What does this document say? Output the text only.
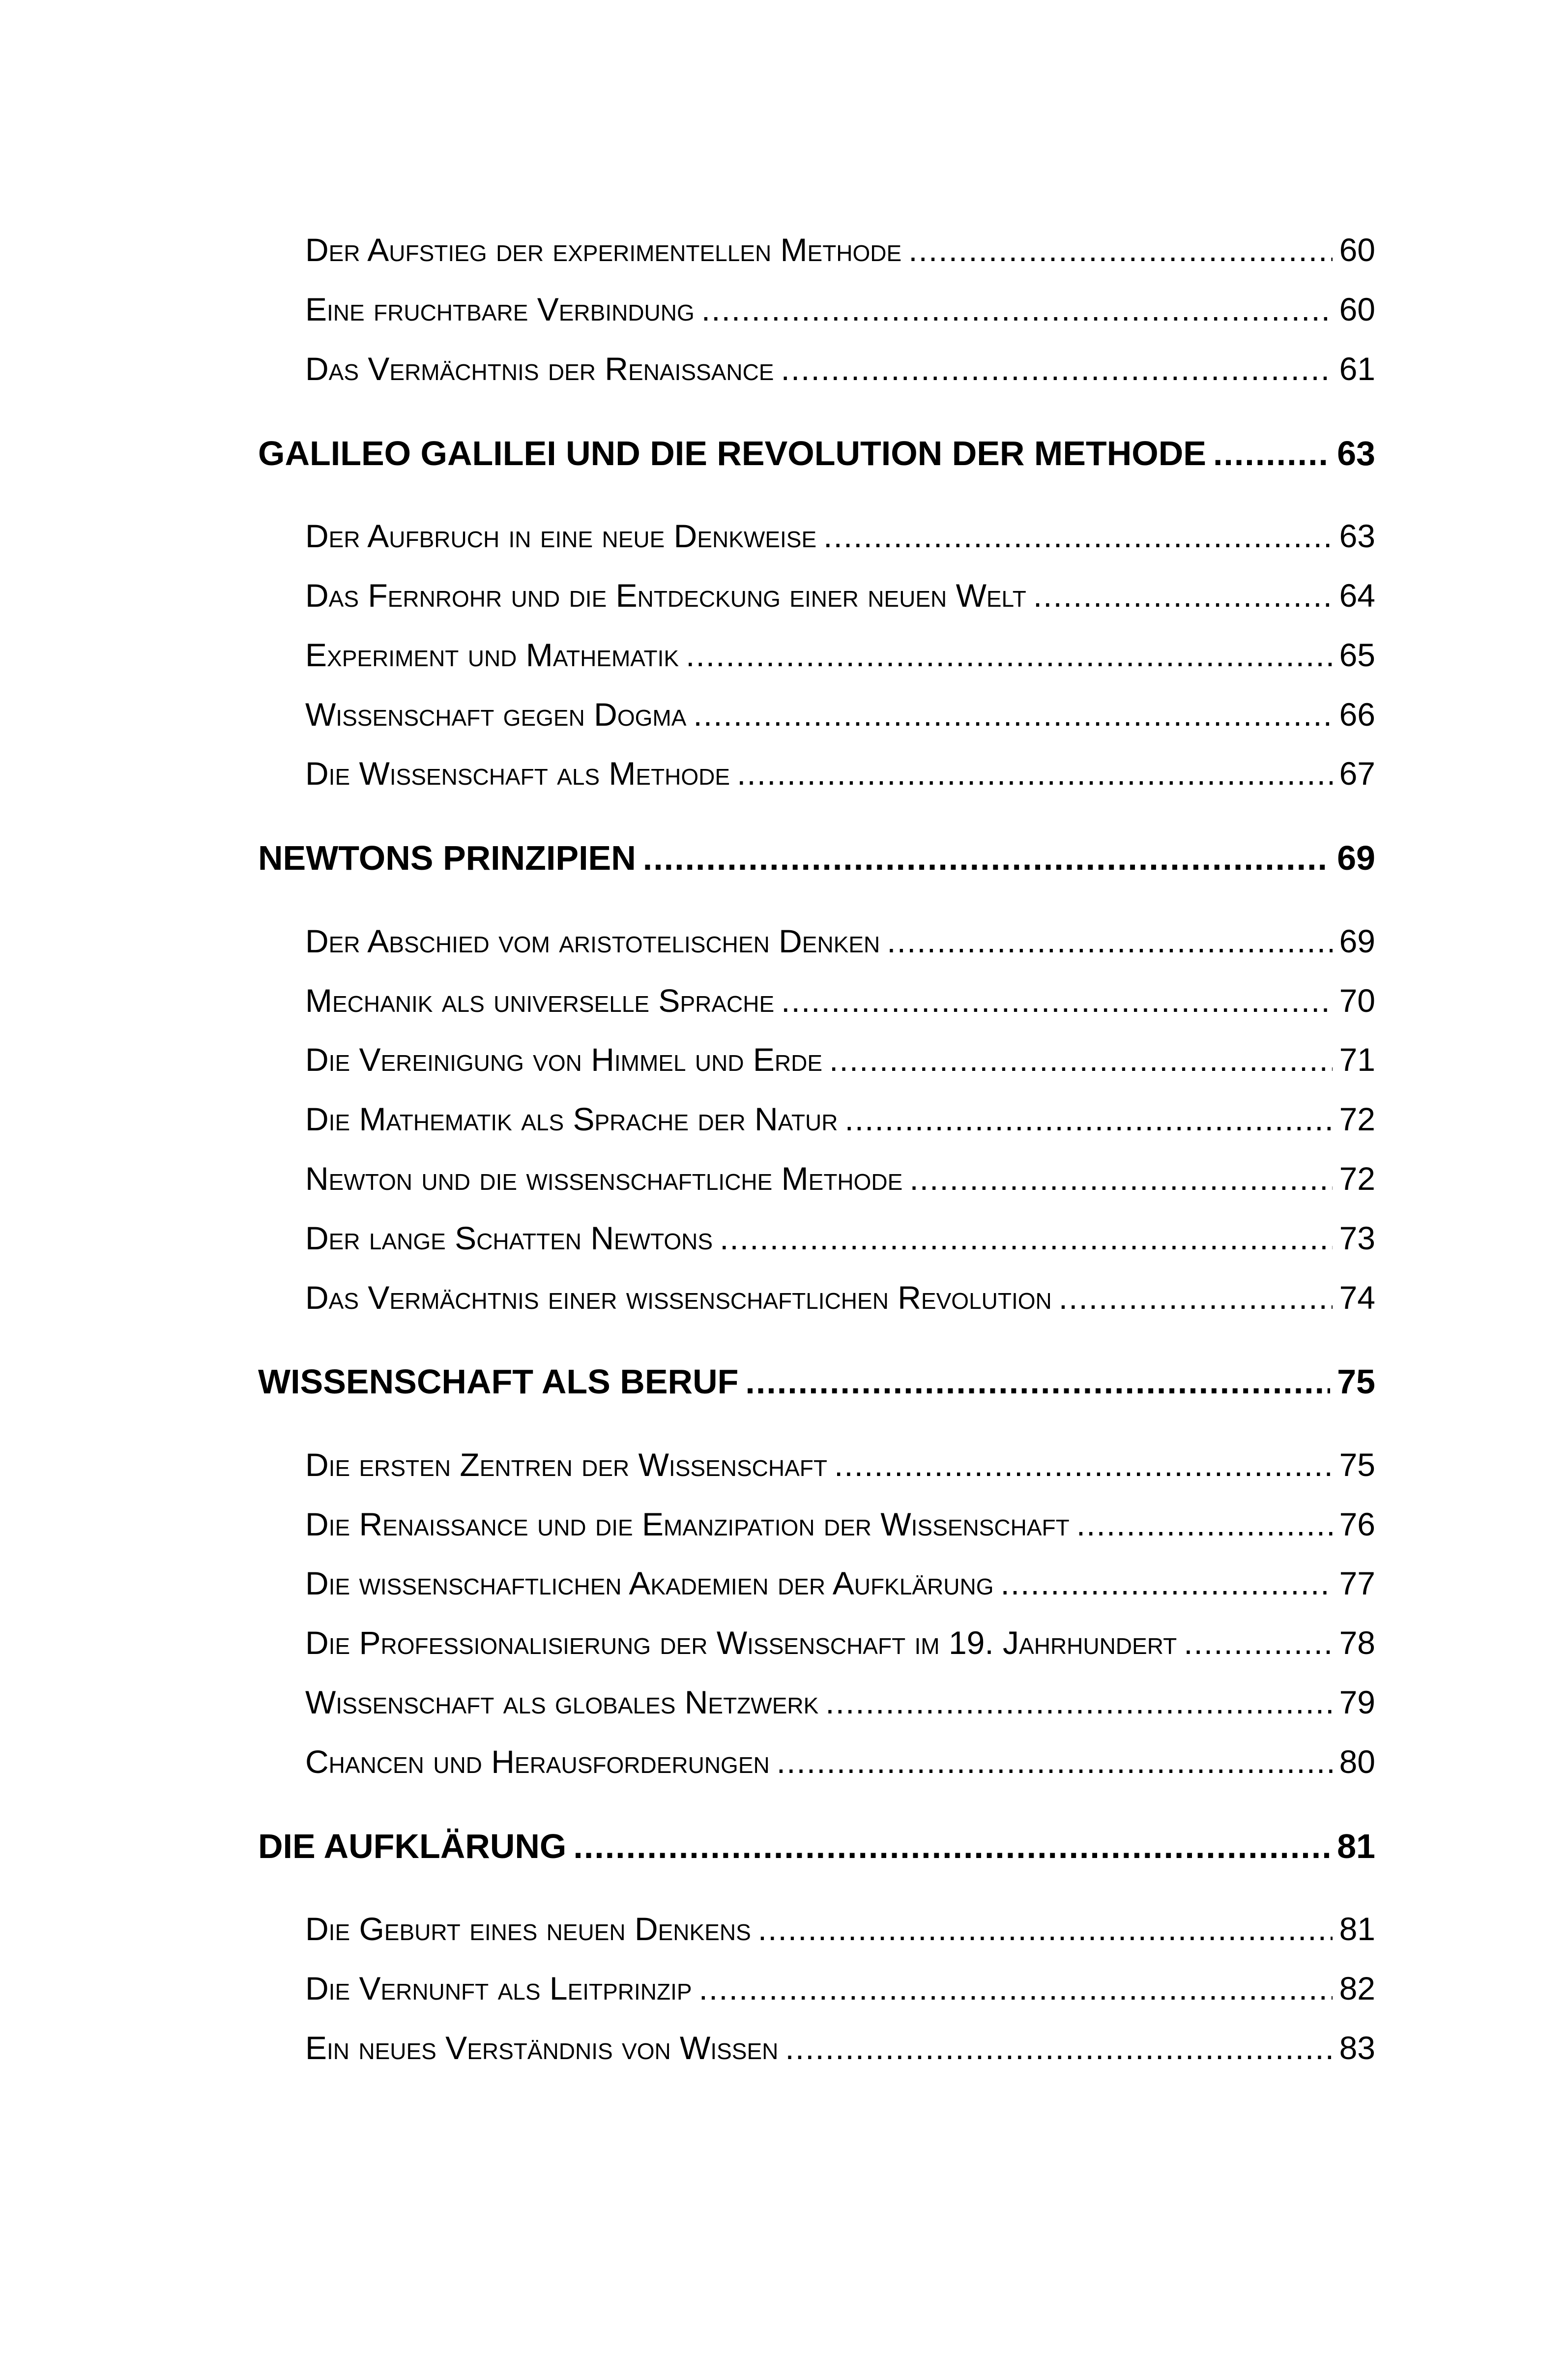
Der Aufstieg der experimentellen Methode .....	60
Eine fruchtbare Verbindung .....	60
Das Vermächtnis der Renaissance .....	61
GALILEO GALILEI UND DIE REVOLUTION DER METHODE .....	63
Der Aufbruch in eine neue Denkweise .....	63
Das Fernrohr und die Entdeckung einer neuen Welt .....	64
Experiment und Mathematik .....	65
Wissenschaft gegen Dogma .....	66
Die Wissenschaft als Methode .....	67
NEWTONS PRINZIPIEN .....	69
Der Abschied vom aristotelischen Denken .....	69
Mechanik als universelle Sprache .....	70
Die Vereinigung von Himmel und Erde .....	71
Die Mathematik als Sprache der Natur .....	72
Newton und die wissenschaftliche Methode .....	72
Der lange Schatten Newtons .....	73
Das Vermächtnis einer wissenschaftlichen Revolution .....	74
WISSENSCHAFT ALS BERUF .....	75
Die ersten Zentren der Wissenschaft .....	75
Die Renaissance und die Emanzipation der Wissenschaft .....	76
Die wissenschaftlichen Akademien der Aufklärung .....	77
Die Professionalisierung der Wissenschaft im 19. Jahrhundert .....	78
Wissenschaft als globales Netzwerk .....	79
Chancen und Herausforderungen .....	80
DIE AUFKLÄRUNG .....	81
Die Geburt eines neuen Denkens .....	81
Die Vernunft als Leitprinzip .....	82
Ein neues Verständnis von Wissen .....	83
